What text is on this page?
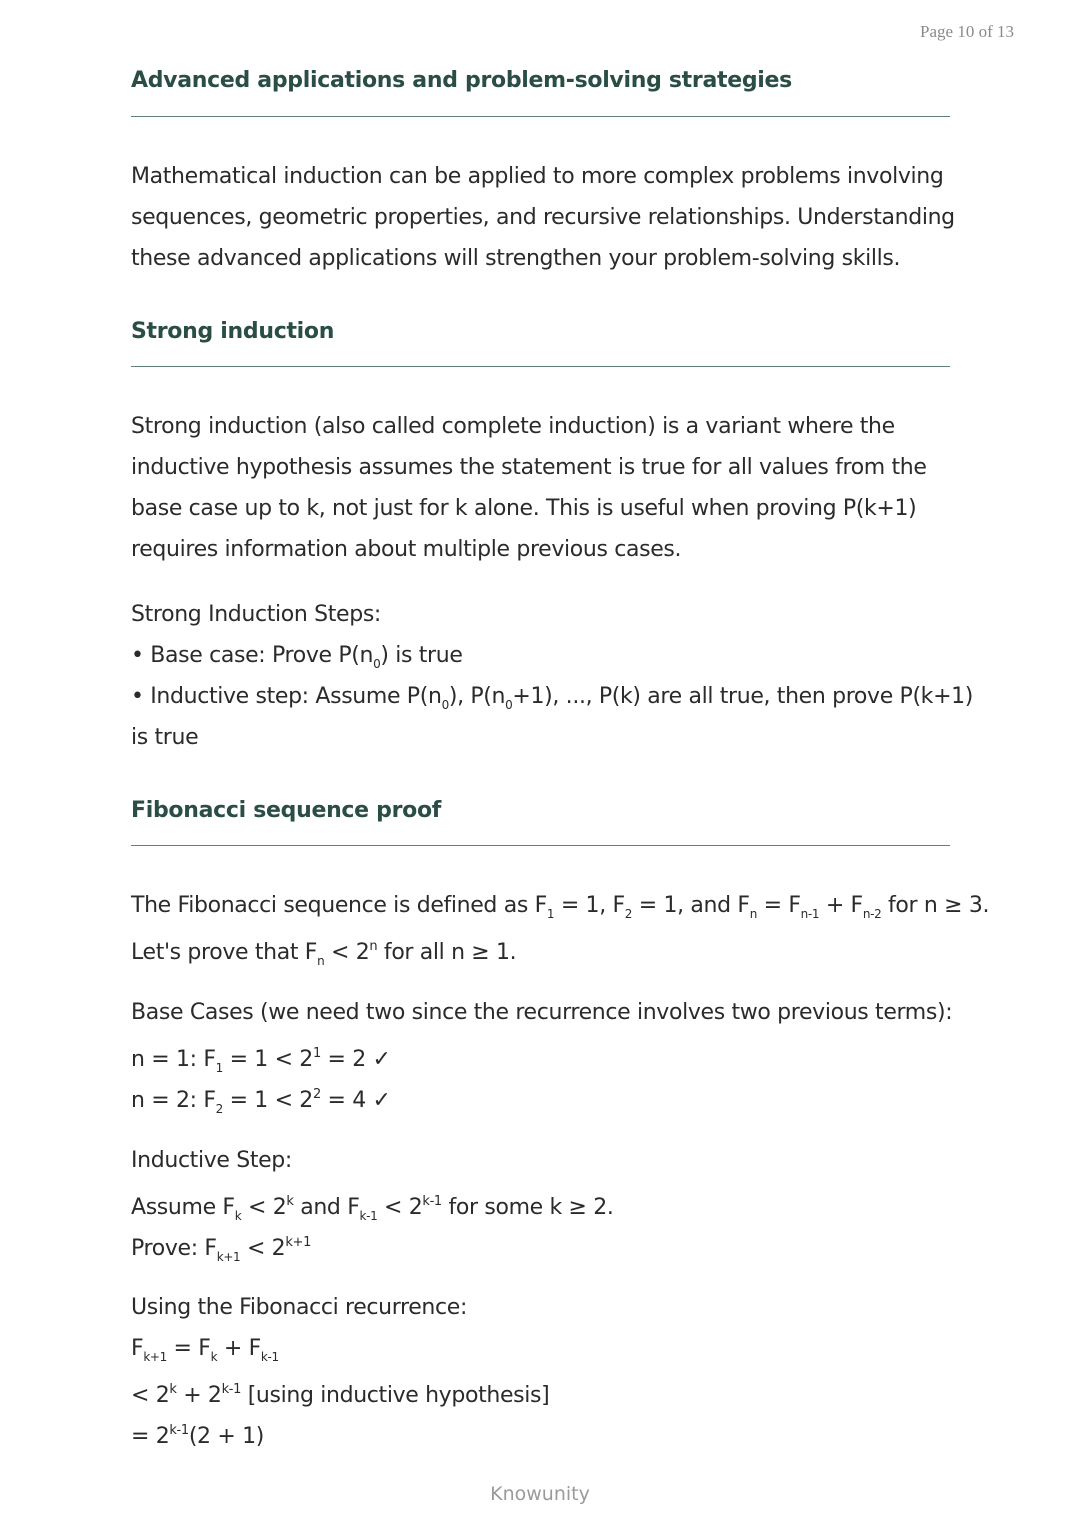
Page 10 of 13
Advanced applications and problem-solving strategies
Mathematical induction can be applied to more complex problems involving
sequences, geometric properties, and recursive relationships. Understanding
these advanced applications will strengthen your problem-solving skills.
Strong induction
Strong induction (also called complete induction) is a variant where the
inductive hypothesis assumes the statement is true for all values from the
base case up to k, not just for k alone. This is useful when proving P(k+1)
requires information about multiple previous cases.
Strong Induction Steps:
• Base case: Prove $P(n_0)$ is true
• Inductive step: Assume $P(n_0)$, $P(n_0+1)$, ..., P(k) are all true, then prove P(k+1)
is true
Fibonacci sequence proof
The Fibonacci sequence is defined as $F_1 = 1$, $F_2 = 1$, and $F_n = F_{n-1} + F_{n-2}$ for n ≥ 3.
Let's prove that $F_n < 2^n$ for all n ≥ 1.
Base Cases (we need two since the recurrence involves two previous terms):
n = 1: $F_1 = 1 < 2^1 = 2$ ✓
n = 2: $F_2 = 1 < 2^2 = 4$ ✓
Inductive Step:
Assume $F_k < 2^k$ and $F_{k-1} < 2^{k-1}$ for some k ≥ 2.
Prove: $F_{k+1} < 2^{k+1}$
Using the Fibonacci recurrence:
$F_{k+1} = F_k + F_{k-1}$
< $2^k + 2^{k-1}$ [using inductive hypothesis]
= $2^{k-1}(2 + 1)$
Knowunity
